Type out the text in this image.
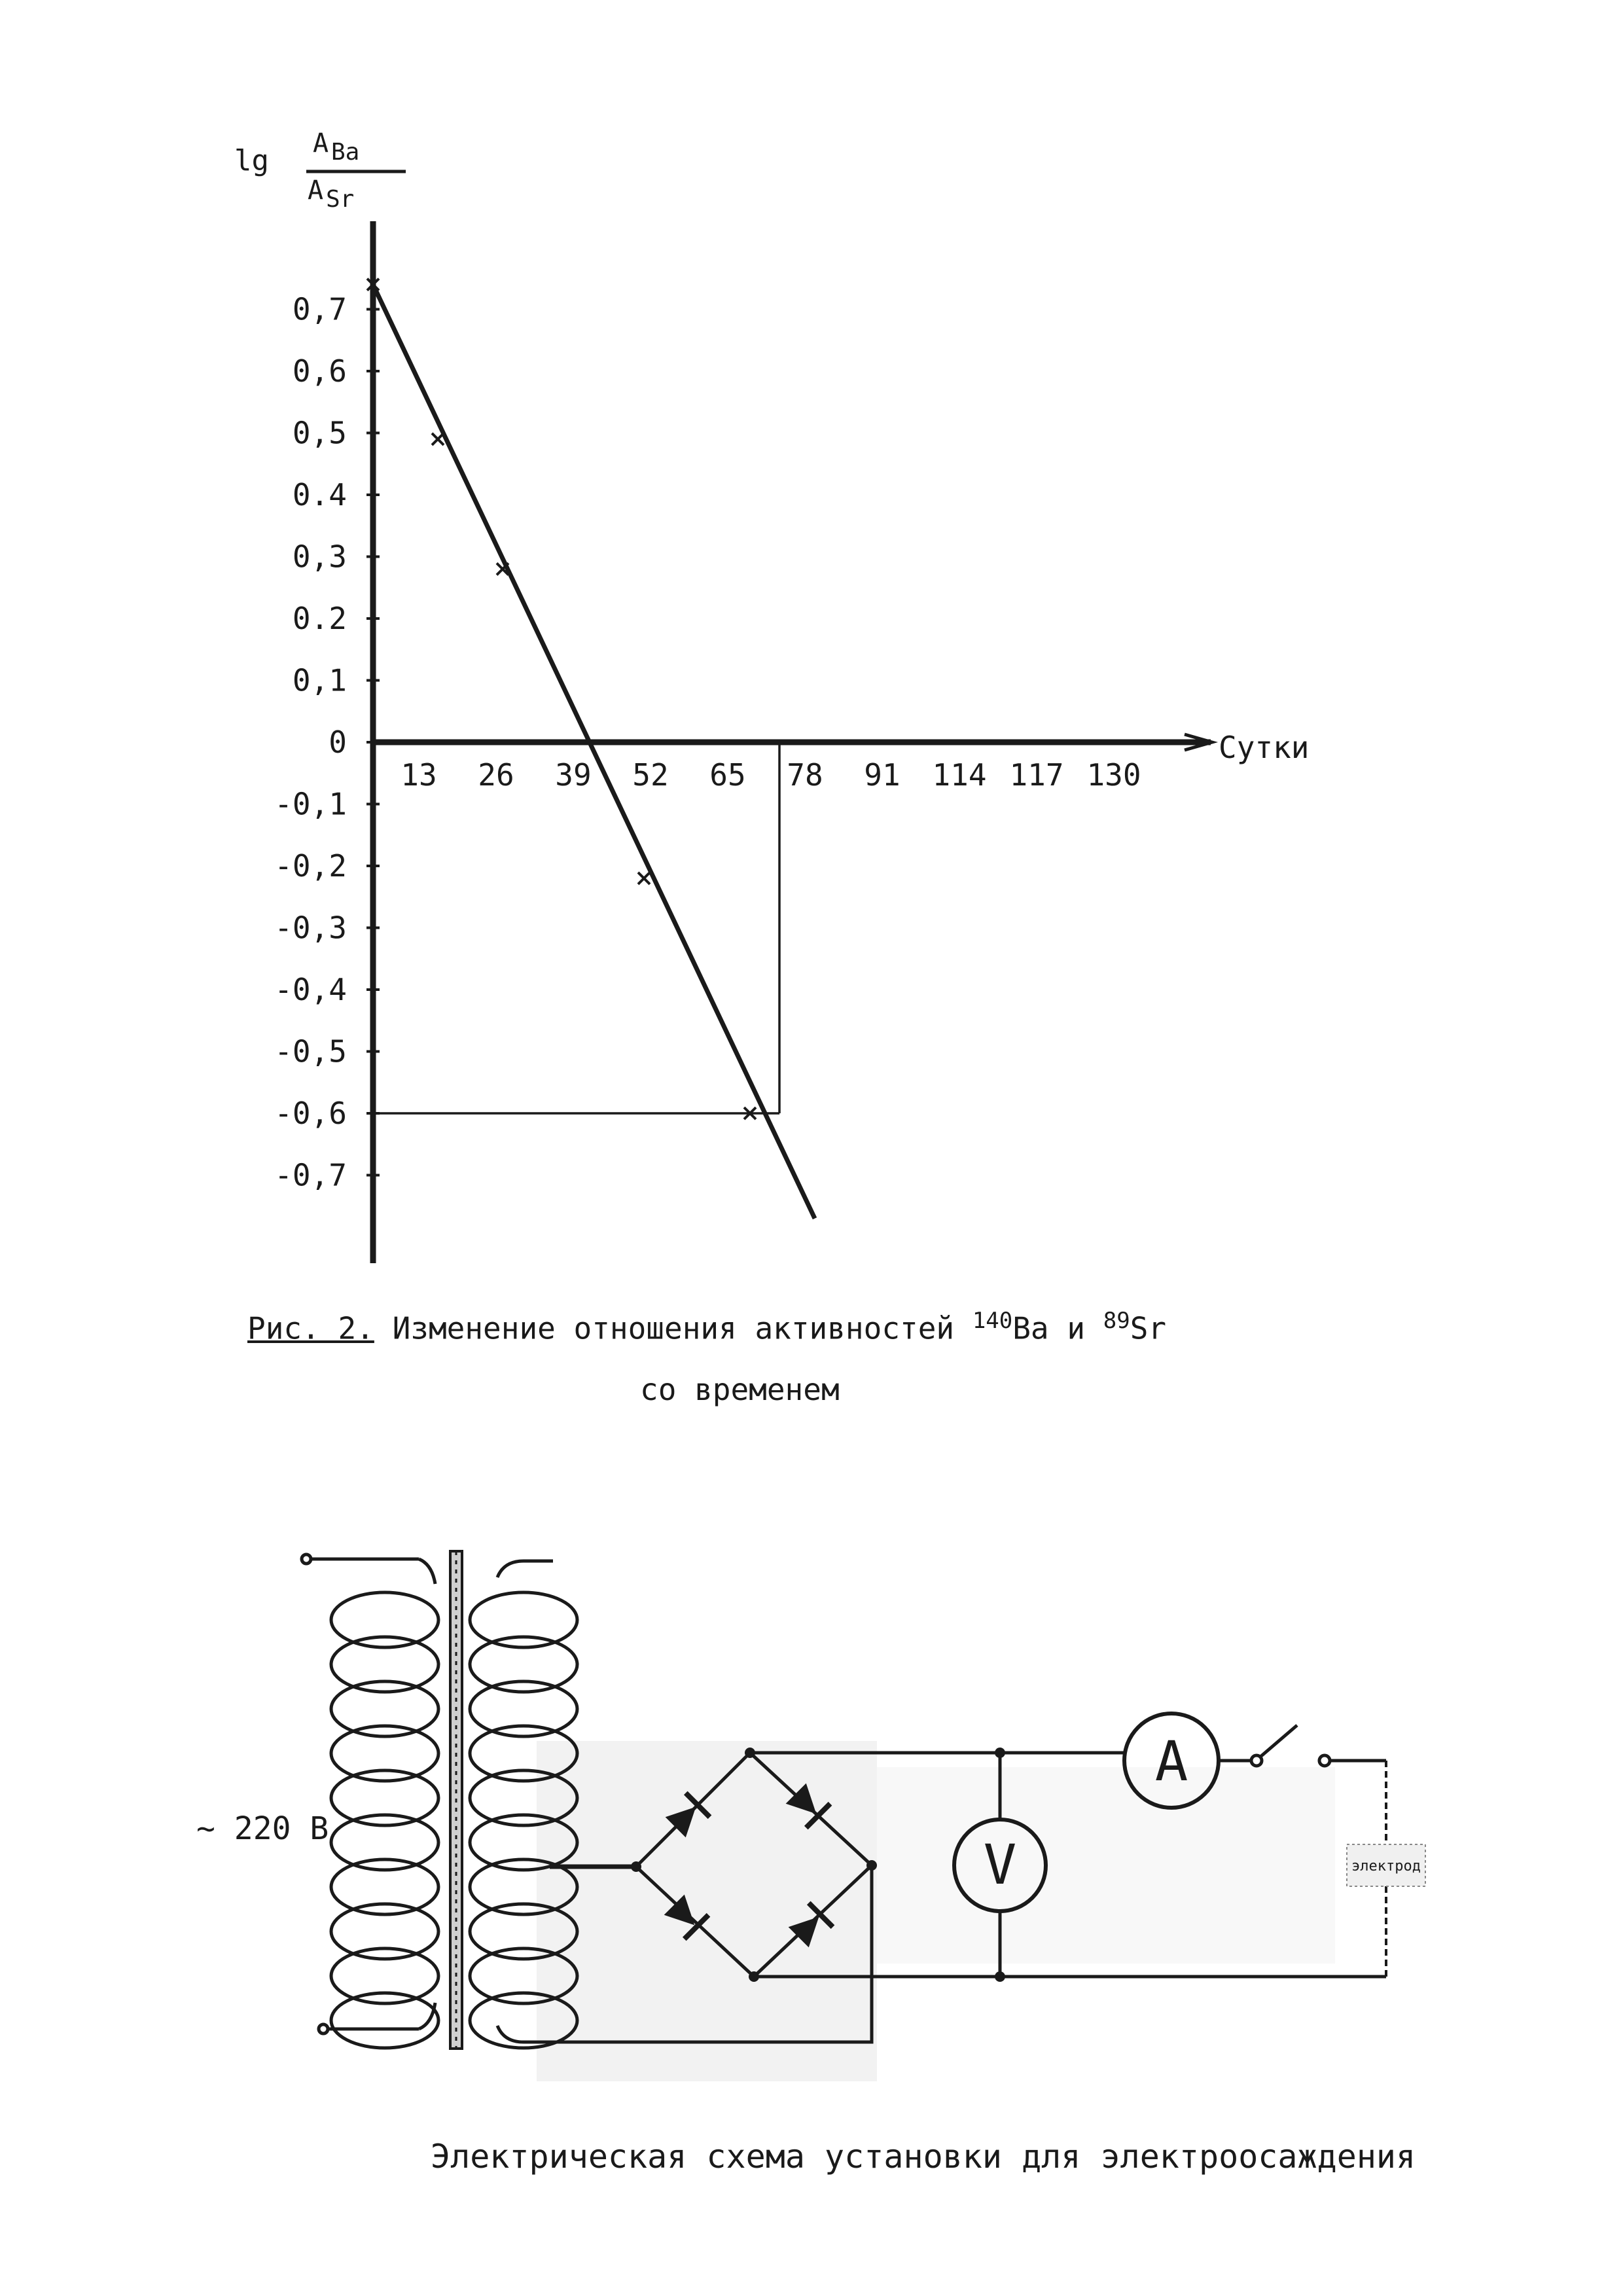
lg
A Ba
A Sr
0,7
0,6
0,5
0.4
0,3
0.2
0,1
0
-0,1
-0,2
-0,3
-0,4
-0,5
-0,6
-0,7
13 26 39 52 65 78 91 114 117 130
Сутки
~ 220 В
V
A
электрод
Электрическая схема установки для электроосаждения
Рис. 2. Изменение отношения активностей $^{140}$Ba и $^{89}$Sr
со временем
